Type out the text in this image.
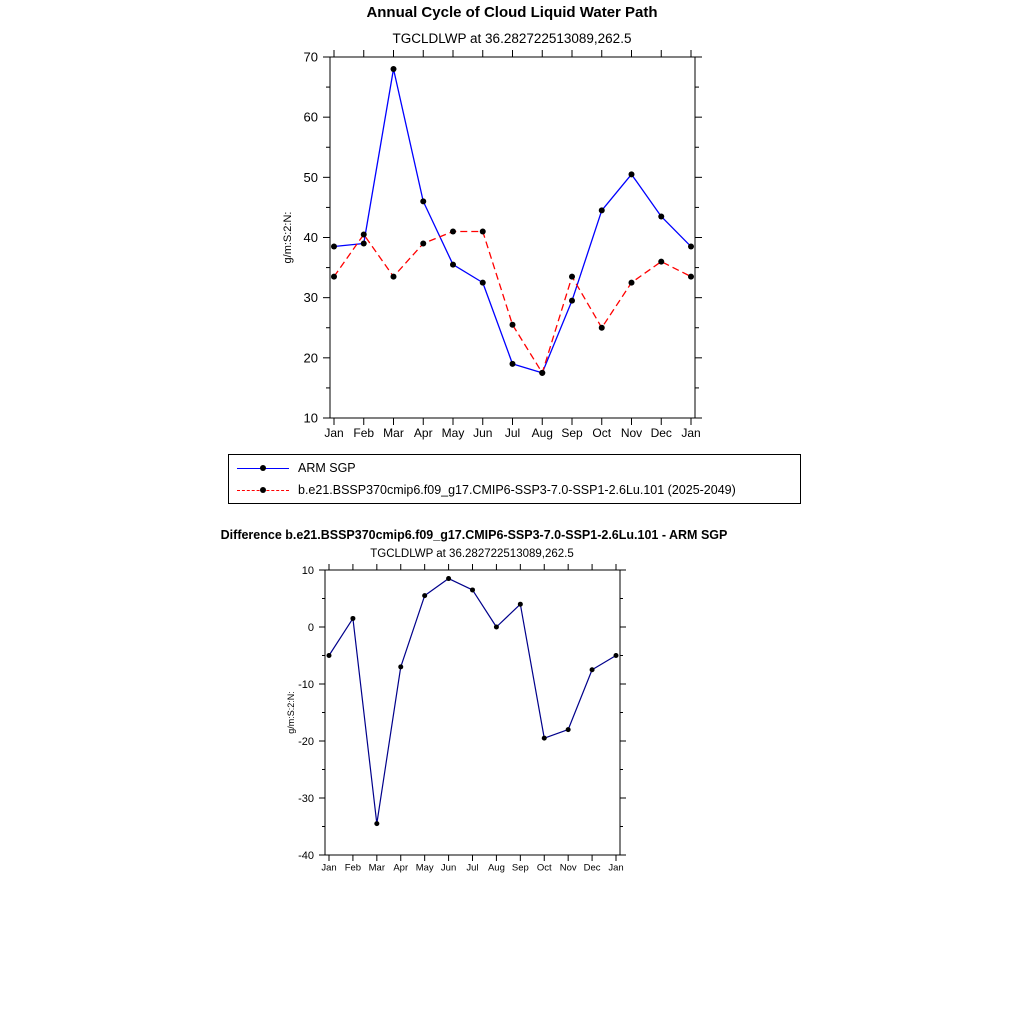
Annual Cycle of Cloud Liquid Water Path
TGCLDLWP at 36.282722513089,262.5
10
20
30
40
50
60
70
Jan Feb Mar Apr May Jun Jul Aug Sep Oct Nov Dec Jan
g/m:S:2:N:
ARM SGP
b.e21.BSSP370cmip6.f09_g17.CMIP6-SSP3-7.0-SSP1-2.6Lu.101 (2025-2049)
Difference b.e21.BSSP370cmip6.f09_g17.CMIP6-SSP3-7.0-SSP1-2.6Lu.101 - ARM SGP
TGCLDLWP at 36.282722513089,262.5
-40
-30
-20
-10
0
10
Jan Feb Mar Apr May Jun Jul Aug Sep Oct Nov Dec Jan
g/m:S:2:N:
